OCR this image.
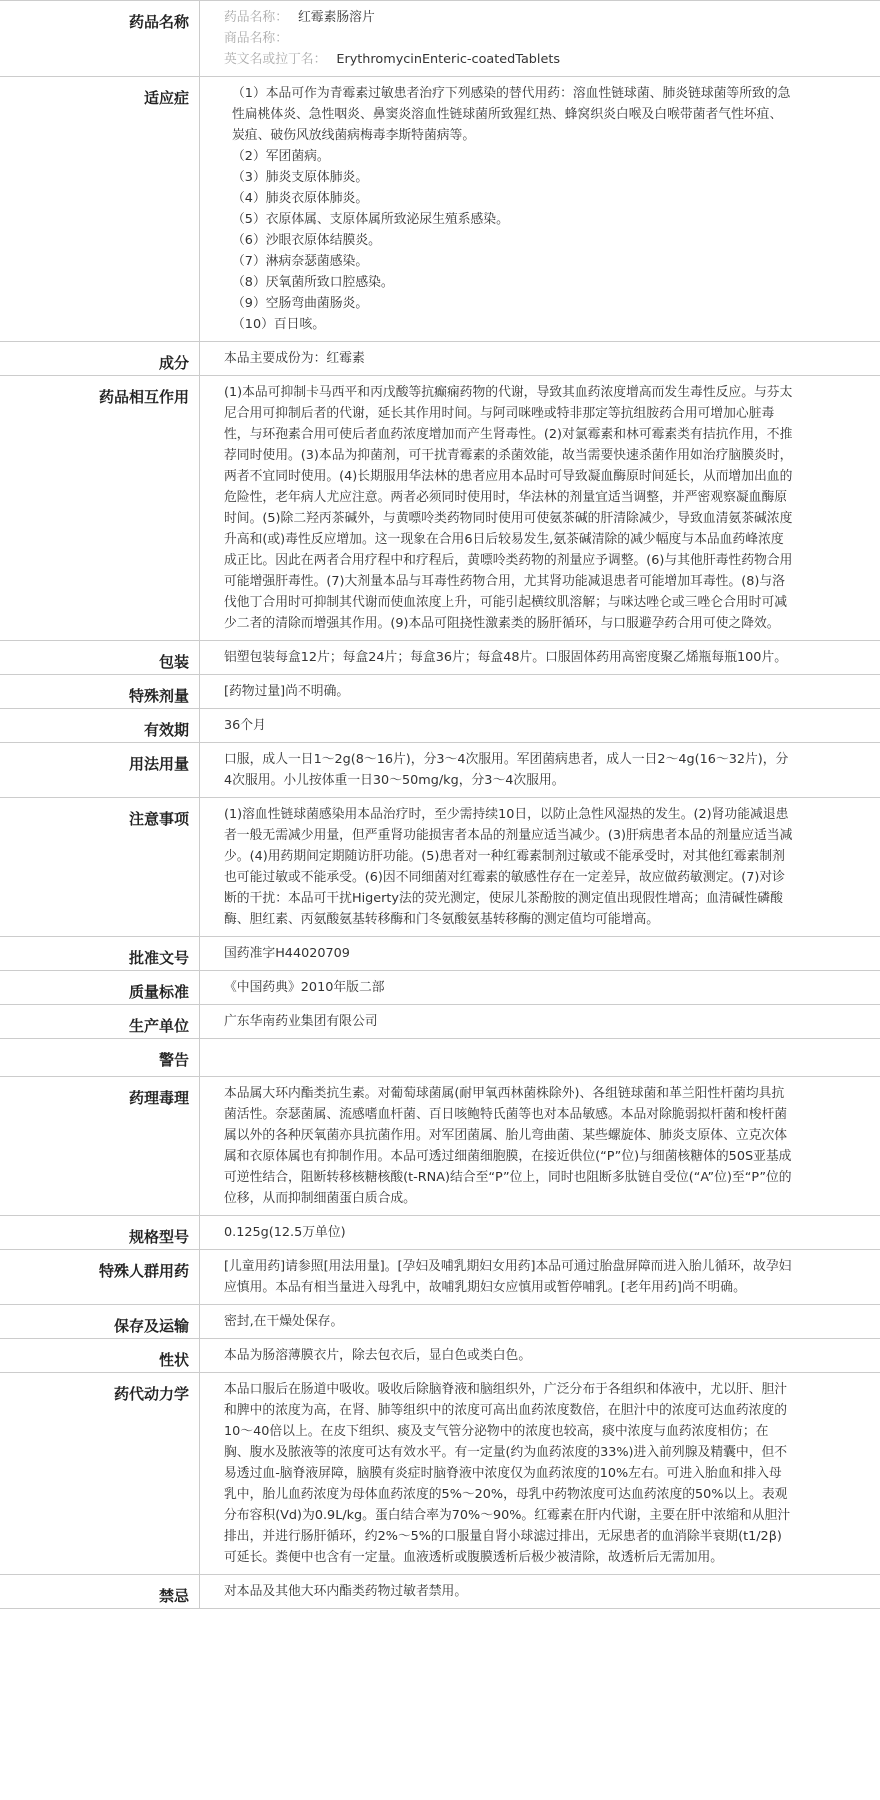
药品名称	药品名称： 红霉素肠溶片
商品名称：
英文名或拉丁名： ErythromycinEnteric-coatedTablets
适应症	（1）本品可作为青霉素过敏患者治疗下列感染的替代用药：溶血性链球菌、肺炎链球菌等所致的急性扁桃体炎、急性咽炎、鼻窦炎溶血性链球菌所致猩红热、蜂窝织炎白喉及白喉带菌者气性坏疽、炭疽、破伤风放线菌病梅毒李斯特菌病等。
（2）军团菌病。
（3）肺炎支原体肺炎。
（4）肺炎衣原体肺炎。
（5）衣原体属、支原体属所致泌尿生殖系感染。
（6）沙眼衣原体结膜炎。
（7）淋病奈瑟菌感染。
（8）厌氧菌所致口腔感染。
（9）空肠弯曲菌肠炎。
（10）百日咳。
成分	本品主要成份为：红霉素
药品相互作用	(1)本品可抑制卡马西平和丙戊酸等抗癫痫药物的代谢，导致其血药浓度增高而发生毒性反应。与芬太尼合用可抑制后者的代谢，延长其作用时间。与阿司咪唑或特非那定等抗组胺药合用可增加心脏毒性，与环孢素合用可使后者血药浓度增加而产生肾毒性。(2)对氯霉素和林可霉素类有拮抗作用，不推荐同时使用。(3)本品为抑菌剂，可干扰青霉素的杀菌效能，故当需要快速杀菌作用如治疗脑膜炎时，两者不宜同时使用。(4)长期服用华法林的患者应用本品时可导致凝血酶原时间延长，从而增加出血的危险性，老年病人尤应注意。两者必须同时使用时，华法林的剂量宜适当调整，并严密观察凝血酶原时间。(5)除二羟丙茶碱外，与黄嘌呤类药物同时使用可使氨茶碱的肝清除减少，导致血清氨茶碱浓度升高和(或)毒性反应增加。这一现象在合用6日后较易发生,氨茶碱清除的减少幅度与本品血药峰浓度成正比。因此在两者合用疗程中和疗程后，黄嘌呤类药物的剂量应予调整。(6)与其他肝毒性药物合用可能增强肝毒性。(7)大剂量本品与耳毒性药物合用，尤其肾功能减退患者可能增加耳毒性。(8)与洛伐他丁合用时可抑制其代谢而使血浓度上升，可能引起横纹肌溶解；与咪达唑仑或三唑仑合用时可减少二者的清除而增强其作用。(9)本品可阻挠性激素类的肠肝循环，与口服避孕药合用可使之降效。
包装	铝塑包装每盒12片；每盒24片；每盒36片；每盒48片。口服固体药用高密度聚乙烯瓶每瓶100片。
特殊剂量	[药物过量]尚不明确。
有效期	36个月
用法用量	口服，成人一日1～2g(8～16片)，分3～4次服用。军团菌病患者，成人一日2～4g(16～32片)，分4次服用。小儿按体重一日30～50mg/kg，分3～4次服用。
注意事项	(1)溶血性链球菌感染用本品治疗时，至少需持续10日，以防止急性风湿热的发生。(2)肾功能减退患者一般无需减少用量，但严重肾功能损害者本品的剂量应适当减少。(3)肝病患者本品的剂量应适当减少。(4)用药期间定期随访肝功能。(5)患者对一种红霉素制剂过敏或不能承受时，对其他红霉素制剂也可能过敏或不能承受。(6)因不同细菌对红霉素的敏感性存在一定差异，故应做药敏测定。(7)对诊断的干扰：本品可干扰Higerty法的荧光测定，使尿儿茶酚胺的测定值出现假性增高；血清碱性磷酸酶、胆红素、丙氨酸氨基转移酶和门冬氨酸氨基转移酶的测定值均可能增高。
批准文号	国药准字H44020709
质量标准	《中国药典》2010年版二部
生产单位	广东华南药业集团有限公司
警告
药理毒理	本品属大环内酯类抗生素。对葡萄球菌属(耐甲氧西林菌株除外)、各组链球菌和革兰阳性杆菌均具抗菌活性。奈瑟菌属、流感嗜血杆菌、百日咳鲍特氏菌等也对本品敏感。本品对除脆弱拟杆菌和梭杆菌属以外的各种厌氧菌亦具抗菌作用。对军团菌属、胎儿弯曲菌、某些螺旋体、肺炎支原体、立克次体属和衣原体属也有抑制作用。本品可透过细菌细胞膜，在接近供位(“P”位)与细菌核糖体的50S亚基成可逆性结合，阻断转移核糖核酸(t-RNA)结合至“P”位上，同时也阻断多肽链自受位(“A”位)至“P”位的位移，从而抑制细菌蛋白质合成。
规格型号	0.125g(12.5万单位)
特殊人群用药	[儿童用药]请参照[用法用量]。[孕妇及哺乳期妇女用药]本品可通过胎盘屏障而进入胎儿循环，故孕妇应慎用。本品有相当量进入母乳中，故哺乳期妇女应慎用或暂停哺乳。[老年用药]尚不明确。
保存及运输	密封,在干燥处保存。
性状	本品为肠溶薄膜衣片，除去包衣后，显白色或类白色。
药代动力学	本品口服后在肠道中吸收。吸收后除脑脊液和脑组织外，广泛分布于各组织和体液中，尤以肝、胆汁和脾中的浓度为高，在肾、肺等组织中的浓度可高出血药浓度数倍，在胆汁中的浓度可达血药浓度的10～40倍以上。在皮下组织、痰及支气管分泌物中的浓度也较高，痰中浓度与血药浓度相仿；在胸、腹水及脓液等的浓度可达有效水平。有一定量(约为血药浓度的33%)进入前列腺及精囊中，但不易透过血-脑脊液屏障，脑膜有炎症时脑脊液中浓度仅为血药浓度的10%左右。可进入胎血和排入母乳中，胎儿血药浓度为母体血药浓度的5%～20%，母乳中药物浓度可达血药浓度的50%以上。表观分布容积(Vd)为0.9L/kg。蛋白结合率为70%～90%。红霉素在肝内代谢，主要在肝中浓缩和从胆汁排出，并进行肠肝循环，约2%～5%的口服量自肾小球滤过排出，无尿患者的血消除半衰期(t1/2β)可延长。粪便中也含有一定量。血液透析或腹膜透析后极少被清除，故透析后无需加用。
禁忌	对本品及其他大环内酯类药物过敏者禁用。
